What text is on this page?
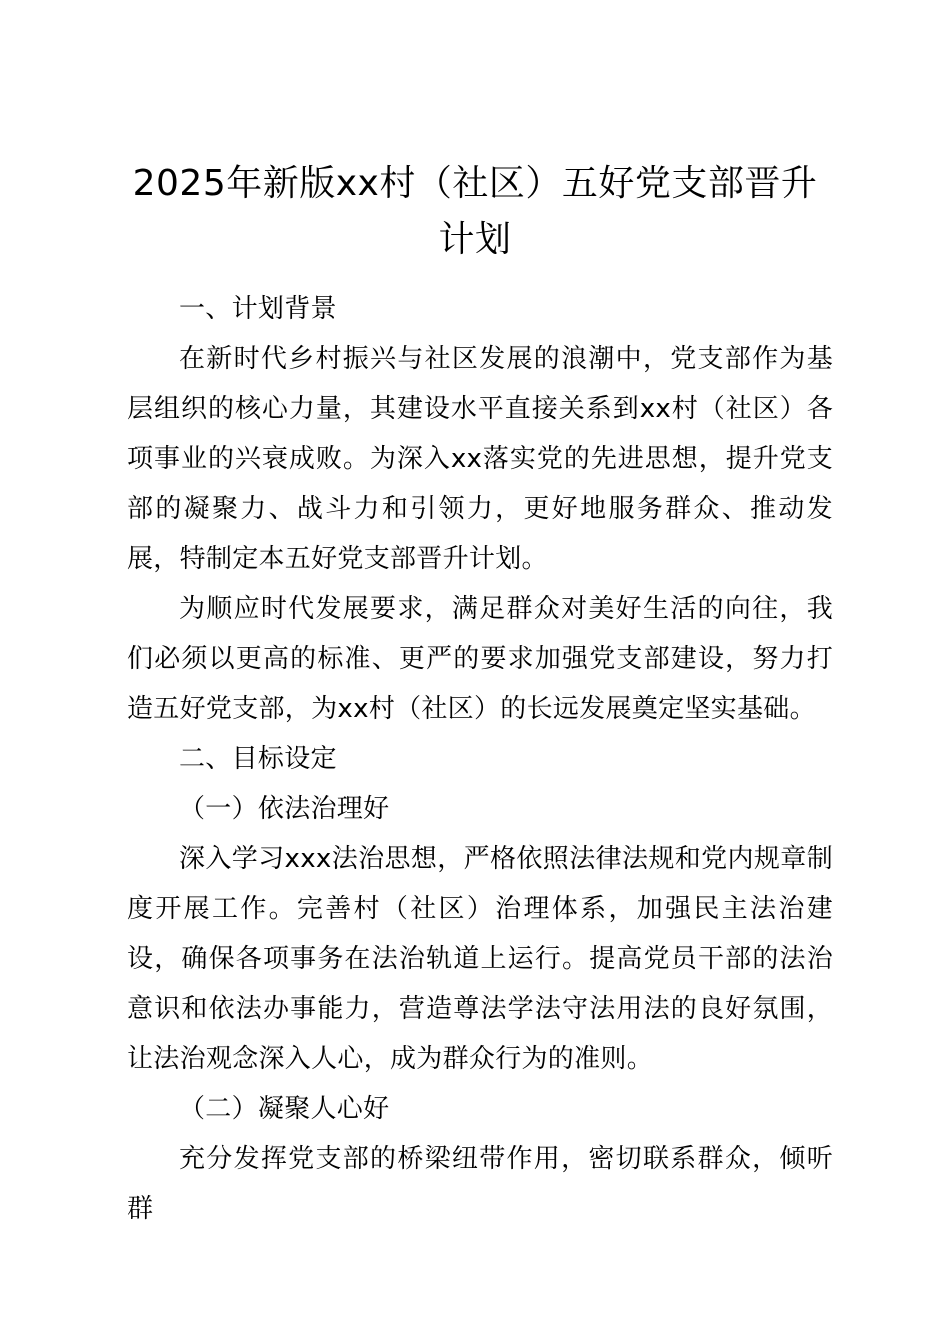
2025年新版xx村（社区）五好党支部晋升计划

一、计划背景

在新时代乡村振兴与社区发展的浪潮中，党支部作为基层组织的核心力量，其建设水平直接关系到xx村（社区）各项事业的兴衰成败。为深入xx落实党的先进思想，提升党支部的凝聚力、战斗力和引领力，更好地服务群众、推动发展，特制定本五好党支部晋升计划。

为顺应时代发展要求，满足群众对美好生活的向往，我们必须以更高的标准、更严的要求加强党支部建设，努力打造五好党支部，为xx村（社区）的长远发展奠定坚实基础。

二、目标设定

（一）依法治理好

深入学习xxx法治思想，严格依照法律法规和党内规章制度开展工作。完善村（社区）治理体系，加强民主法治建设，确保各项事务在法治轨道上运行。提高党员干部的法治意识和依法办事能力，营造尊法学法守法用法的良好氛围，让法治观念深入人心，成为群众行为的准则。

（二）凝聚人心好

充分发挥党支部的桥梁纽带作用，密切联系群众，倾听群
